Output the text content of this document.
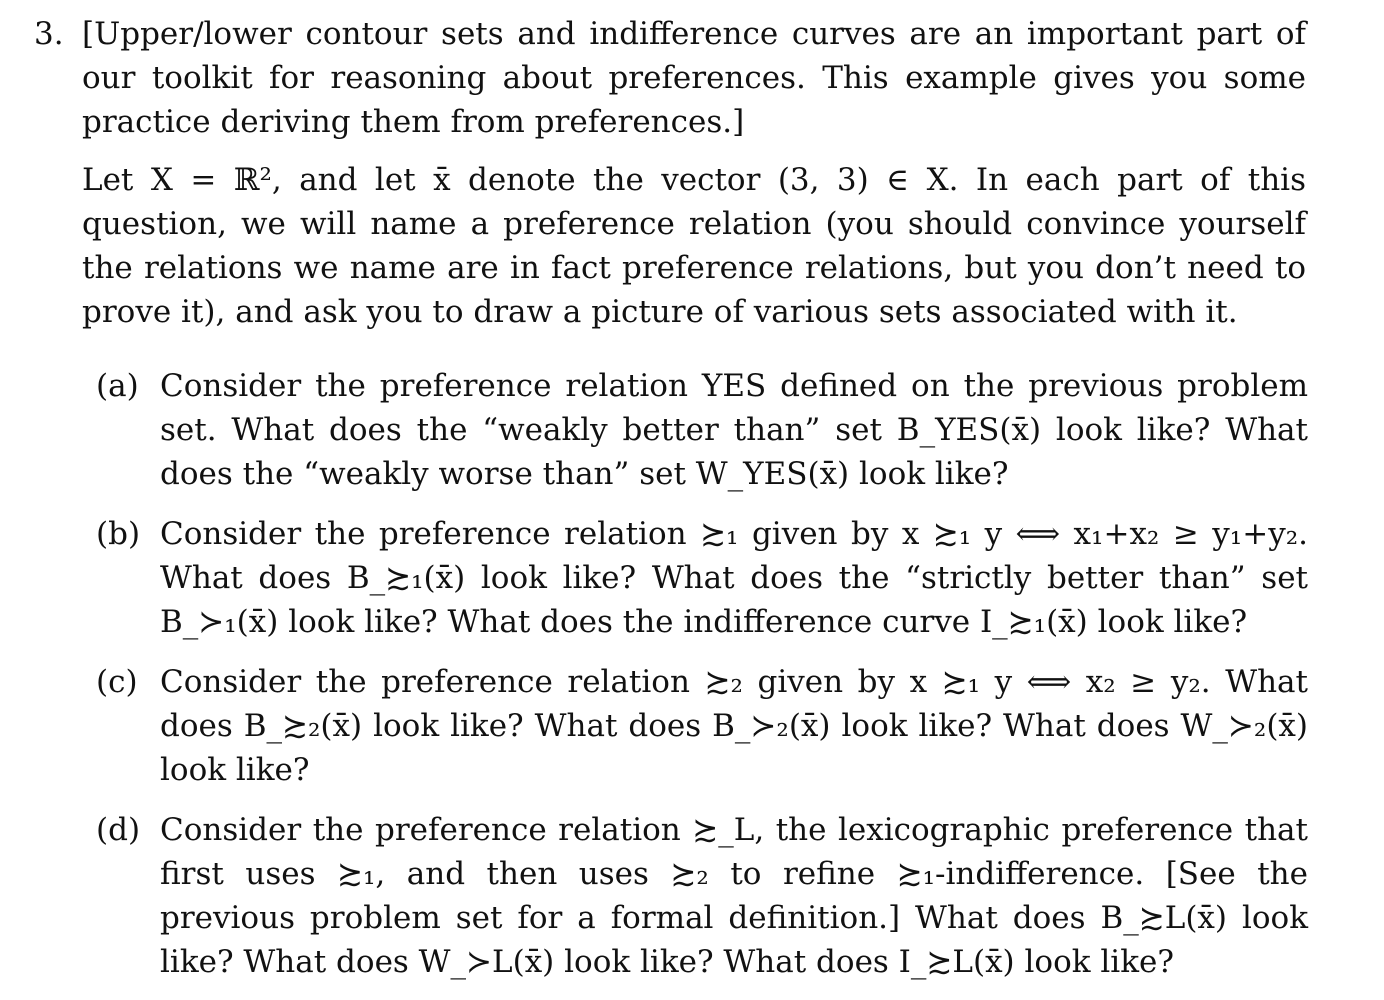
3. [Upper/lower contour sets and indifference curves are an important part of our toolkit for reasoning about preferences. This example gives you some practice deriving them from preferences.]
Let X = ℝ², and let x̄ denote the vector (3, 3) ∈ X. In each part of this question, we will name a preference relation (you should convince yourself the relations we name are in fact preference relations, but you don’t need to prove it), and ask you to draw a picture of various sets associated with it.
(a) Consider the preference relation YES defined on the previous problem set. What does the “weakly better than” set B_YES(x̄) look like? What does the “weakly worse than” set W_YES(x̄) look like?
(b) Consider the preference relation ≿₁ given by x ≿₁ y ⟺ x₁+x₂ ≥ y₁+y₂. What does B_≿₁(x̄) look like? What does the “strictly better than” set B_≻₁(x̄) look like? What does the indifference curve I_≿₁(x̄) look like?
(c) Consider the preference relation ≿₂ given by x ≿₁ y ⟺ x₂ ≥ y₂. What does B_≿₂(x̄) look like? What does B_≻₂(x̄) look like? What does W_≻₂(x̄) look like?
(d) Consider the preference relation ≿_L, the lexicographic preference that first uses ≿₁, and then uses ≿₂ to refine ≿₁-indifference. [See the previous problem set for a formal definition.] What does B_≿L(x̄) look like? What does W_≻L(x̄) look like? What does I_≿L(x̄) look like?
